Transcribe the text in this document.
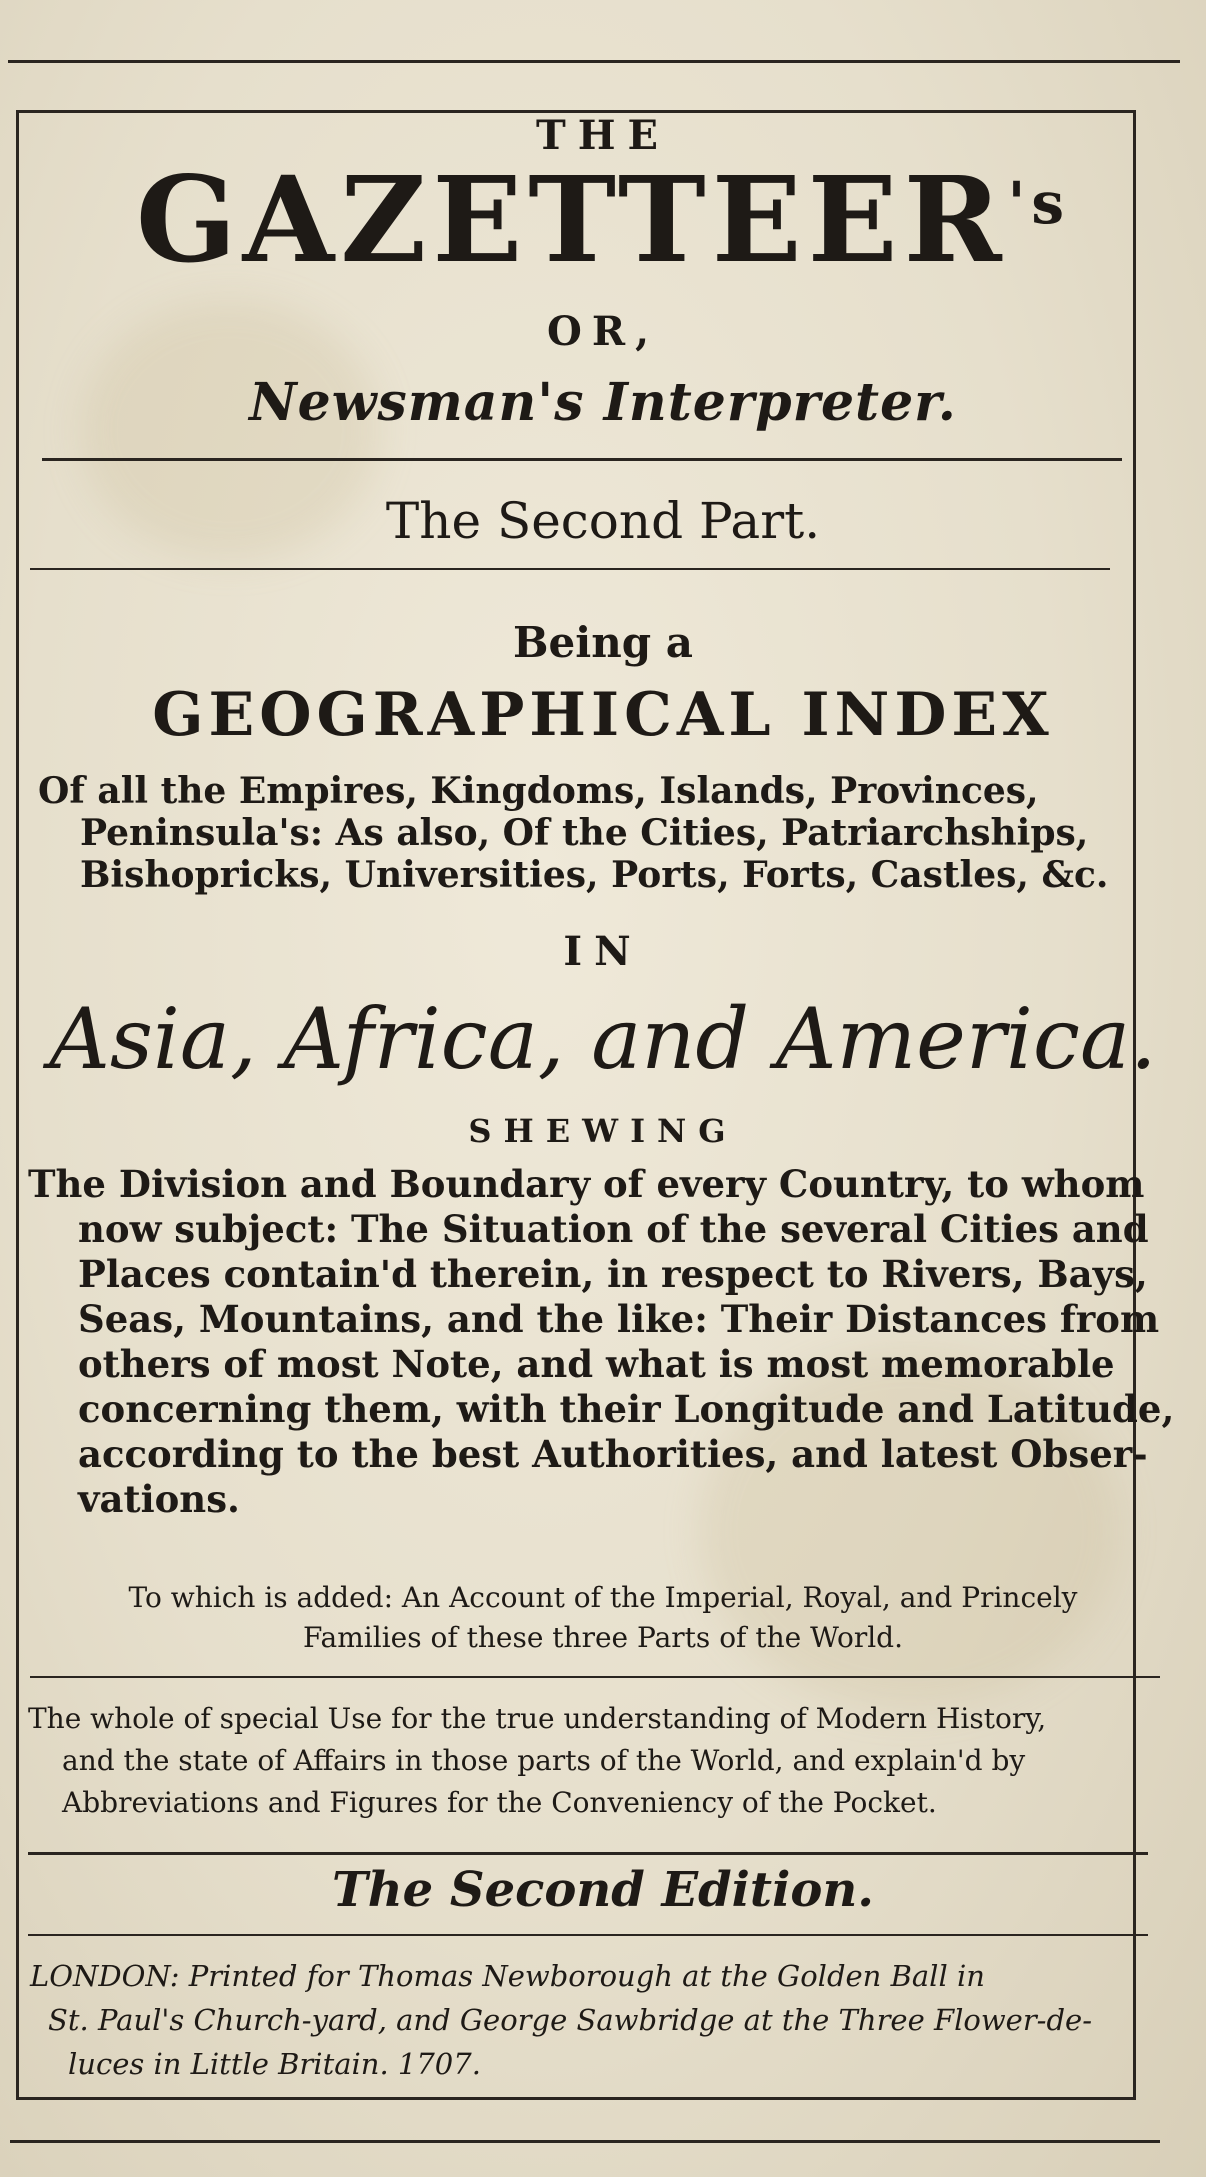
THE
$GAZETTEER^{'s}$
OR,
Newsman's Interpreter.
The Second Part.
Being a
GEOGRAPHICAL INDEX
Of all the Empires, Kingdoms, Islands, Provinces,
Peninsula's: As also, Of the Cities, Patriarchships,
Bishopricks, Universities, Ports, Forts, Castles, &c.
IN
Asia, Africa, and America.
SHEWING
The Division and Boundary of every Country, to whom
now subject: The Situation of the several Cities and
Places contain'd therein, in respect to Rivers, Bays,
Seas, Mountains, and the like: Their Distances from
others of most Note, and what is most memorable
concerning them, with their Longitude and Latitude,
according to the best Authorities, and latest Obser-
vations.
To which is added: An Account of the Imperial, Royal, and Princely
Families of these three Parts of the World.
The whole of special Use for the true understanding of Modern History,
and the state of Affairs in those parts of the World, and explain'd by
Abbreviations and Figures for the Conveniency of the Pocket.
The Second Edition.
LONDON: Printed for Thomas Newborough at the Golden Ball in
St. Paul's Church-yard, and George Sawbridge at the Three Flower-de-
luces in Little Britain. 1707.
